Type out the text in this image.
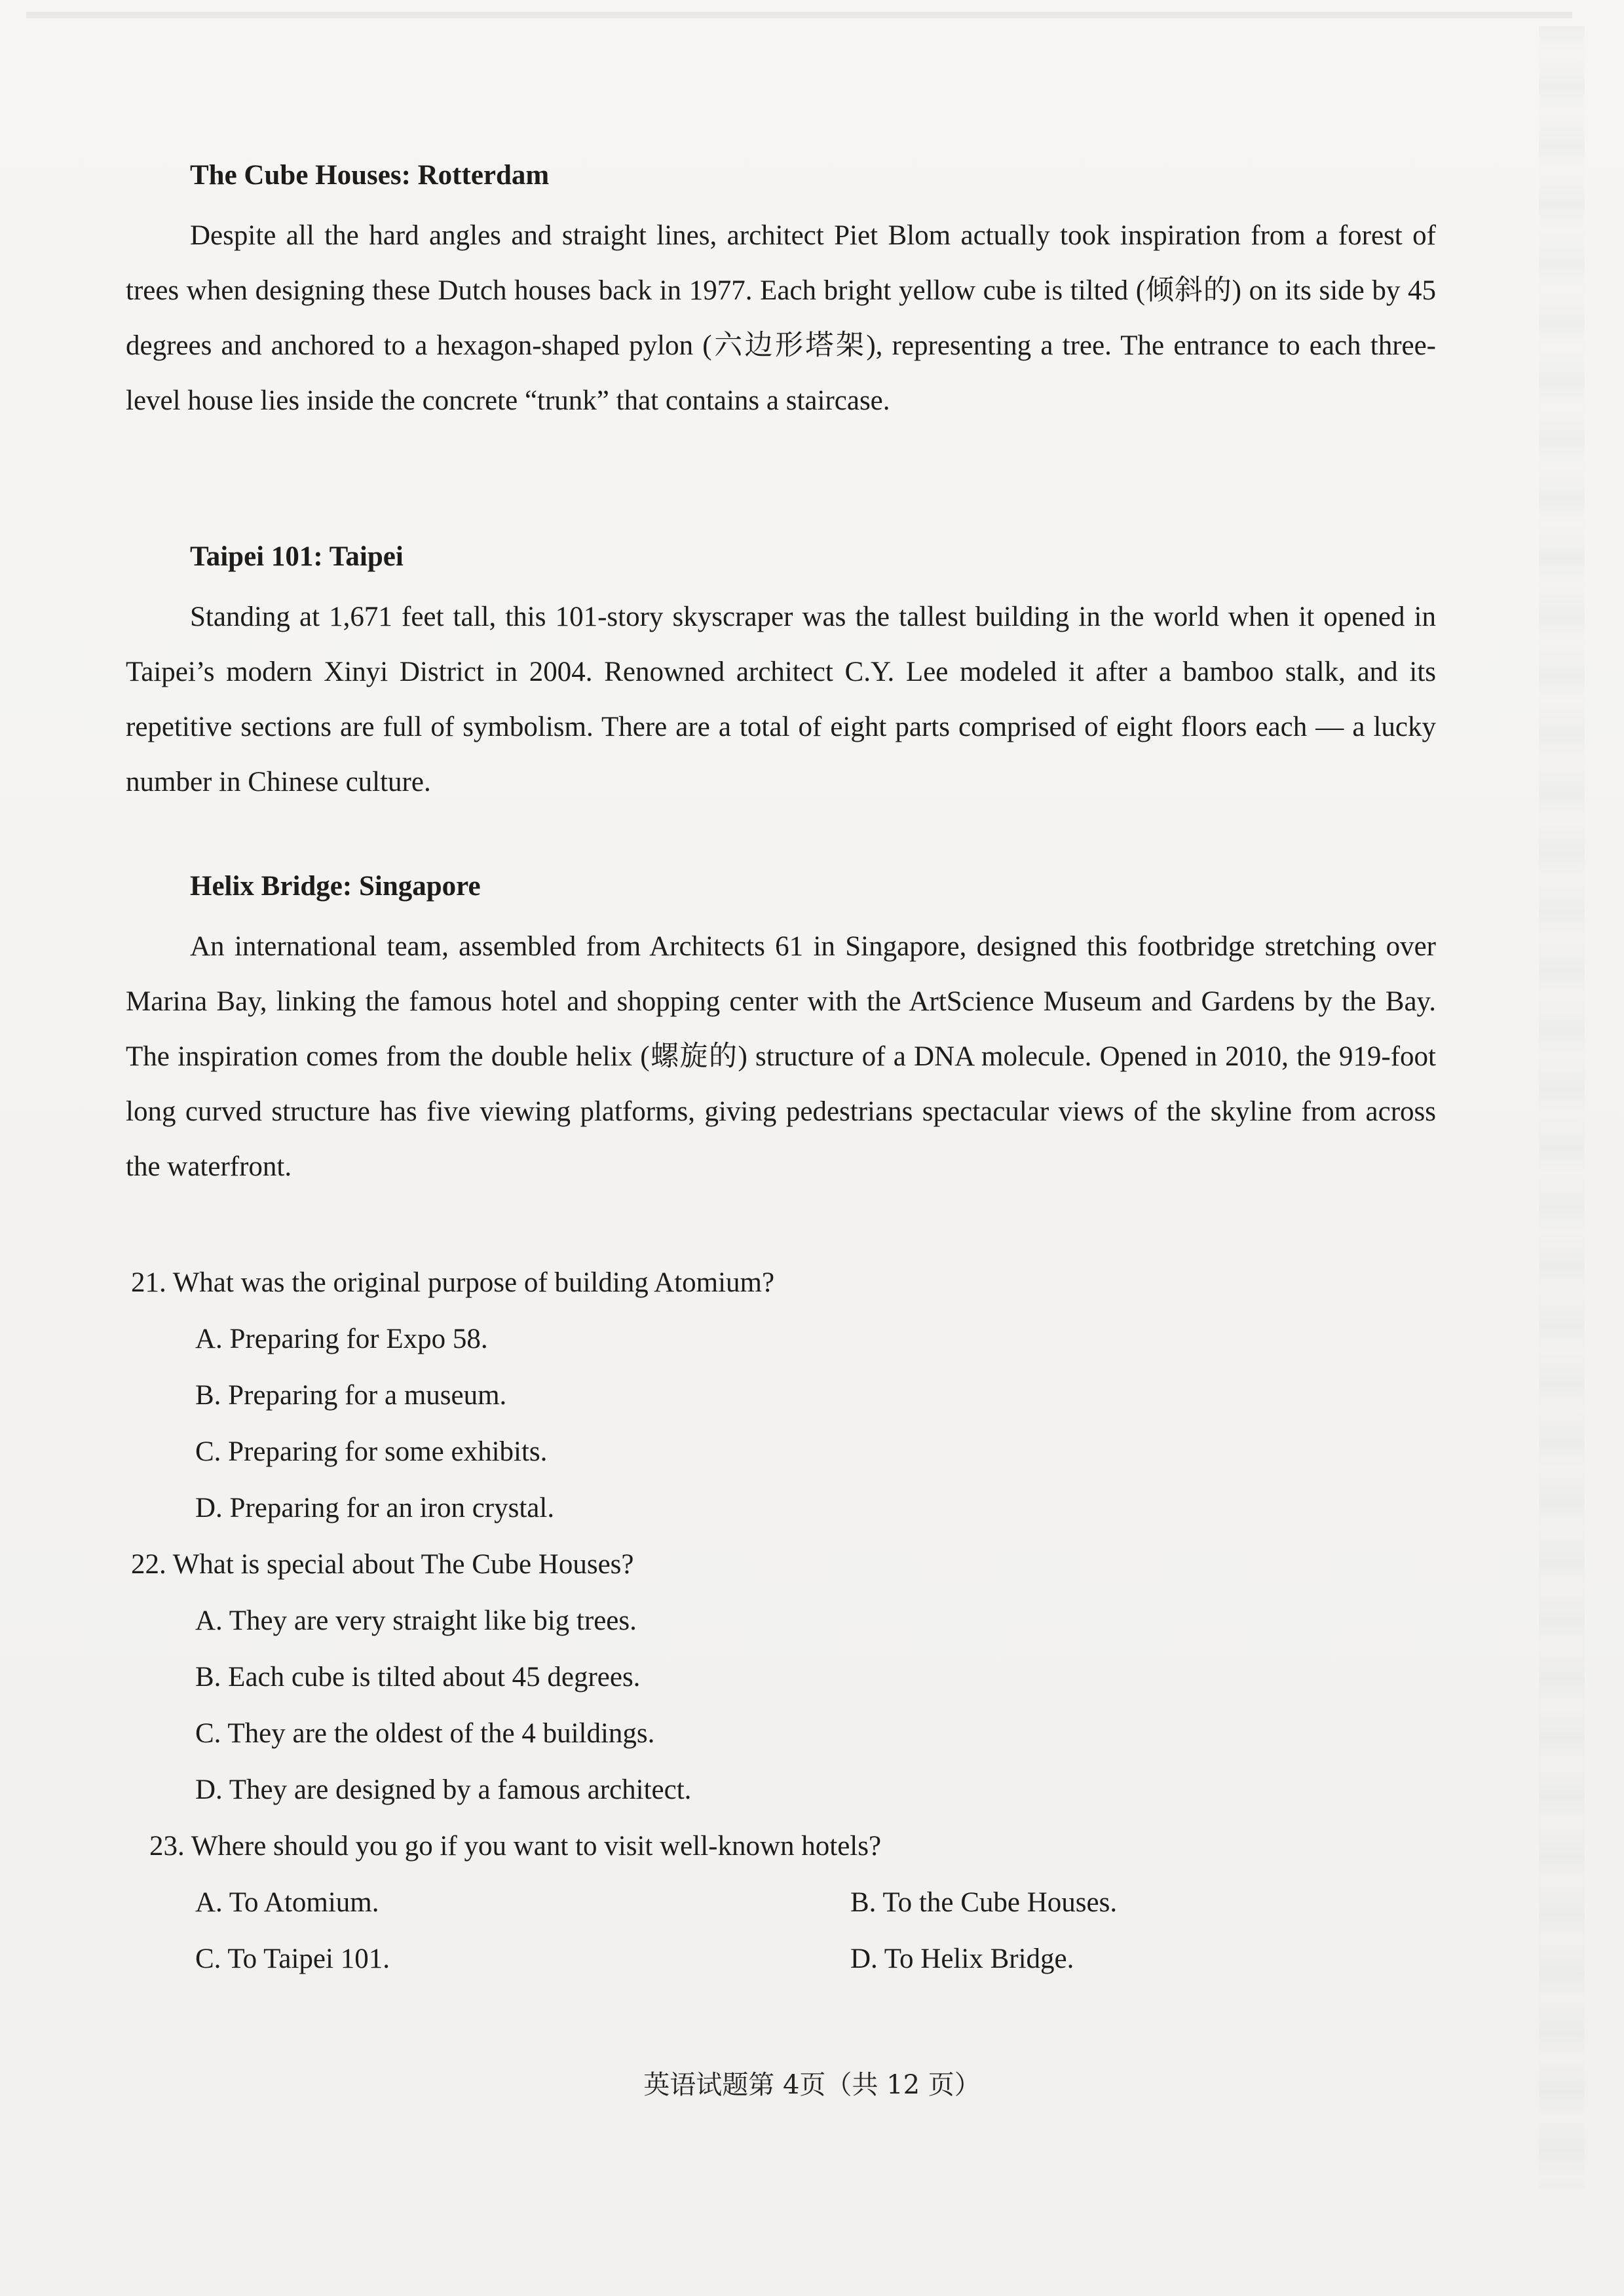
The Cube Houses: Rotterdam

Despite all the hard angles and straight lines, architect Piet Blom actually took inspiration from a forest of trees when designing these Dutch houses back in 1977. Each bright yellow cube is tilted (倾斜的) on its side by 45 degrees and anchored to a hexagon-shaped pylon (六边形塔架), representing a tree. The entrance to each three-level house lies inside the concrete “trunk” that contains a staircase.

Taipei 101: Taipei

Standing at 1,671 feet tall, this 101-story skyscraper was the tallest building in the world when it opened in Taipei’s modern Xinyi District in 2004. Renowned architect C.Y. Lee modeled it after a bamboo stalk, and its repetitive sections are full of symbolism. There are a total of eight parts comprised of eight floors each — a lucky number in Chinese culture.

Helix Bridge: Singapore

An international team, assembled from Architects 61 in Singapore, designed this footbridge stretching over Marina Bay, linking the famous hotel and shopping center with the ArtScience Museum and Gardens by the Bay. The inspiration comes from the double helix (螺旋的) structure of a DNA molecule. Opened in 2010, the 919-foot long curved structure has five viewing platforms, giving pedestrians spectacular views of the skyline from across the waterfront.

21. What was the original purpose of building Atomium?
A. Preparing for Expo 58.
B. Preparing for a museum.
C. Preparing for some exhibits.
D. Preparing for an iron crystal.
22. What is special about The Cube Houses?
A. They are very straight like big trees.
B. Each cube is tilted about 45 degrees.
C. They are the oldest of the 4 buildings.
D. They are designed by a famous architect.
23. Where should you go if you want to visit well-known hotels?
A. To Atomium.	B. To the Cube Houses.
C. To Taipei 101.	D. To Helix Bridge.
英语试题第 4页（共 12 页）
